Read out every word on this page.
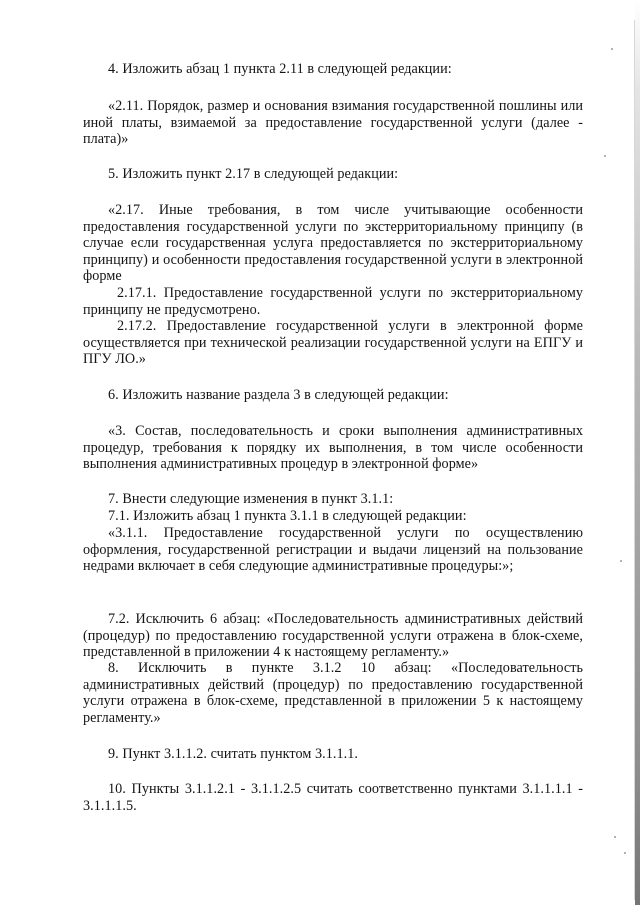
4. Изложить абзац 1 пункта 2.11 в следующей редакции:
«2.11. Порядок, размер и основания взимания государственной пошлины или иной платы, взимаемой за предоставление государственной услуги (далее - плата)»
5. Изложить пункт 2.17 в следующей редакции:
«2.17. Иные требования, в том числе учитывающие особенности предоставления государственной услуги по экстерриториальному принципу (в случае если государственная услуга предоставляется по экстерриториальному принципу) и особенности предоставления государственной услуги в электронной форме
2.17.1. Предоставление государственной услуги по экстерриториальному принципу не предусмотрено.
2.17.2. Предоставление государственной услуги в электронной форме осуществляется при технической реализации государственной услуги на ЕПГУ и ПГУ ЛО.»
6. Изложить название раздела 3 в следующей редакции:
«3. Состав, последовательность и сроки выполнения административных процедур, требования к порядку их выполнения, в том числе особенности выполнения административных процедур в электронной форме»
7. Внести следующие изменения в пункт 3.1.1:
7.1. Изложить абзац 1 пункта 3.1.1 в следующей редакции:
«3.1.1. Предоставление государственной услуги по осуществлению оформления, государственной регистрации и выдачи лицензий на пользование недрами включает в себя следующие административные процедуры:»;
7.2. Исключить 6 абзац: «Последовательность административных действий (процедур) по предоставлению государственной услуги отражена в блок-схеме, представленной в приложении 4 к настоящему регламенту.»
8. Исключить в пункте 3.1.2 10 абзац: «Последовательность административных действий (процедур) по предоставлению государственной услуги отражена в блок-схеме, представленной в приложении 5 к настоящему регламенту.»
9. Пункт 3.1.1.2. считать пунктом 3.1.1.1.
10. Пункты 3.1.1.2.1 - 3.1.1.2.5 считать соответственно пунктами 3.1.1.1.1 - 3.1.1.1.5.
